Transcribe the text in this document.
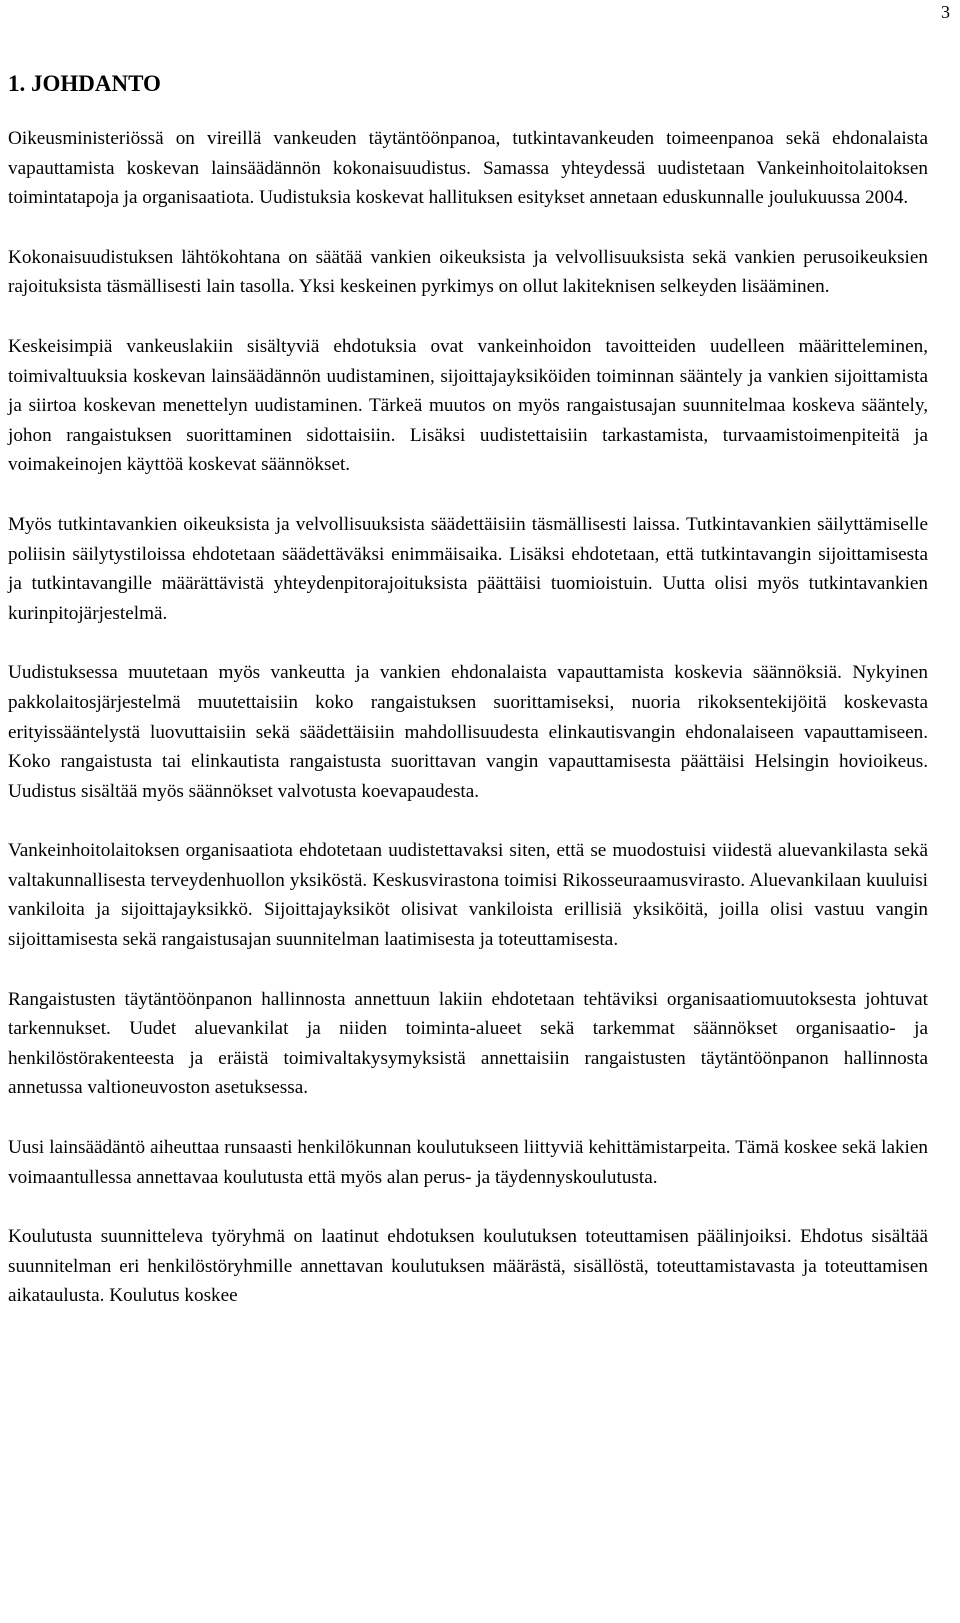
3
1. JOHDANTO

Oikeusministeriössä on vireillä vankeuden täytäntöönpanoa, tutkintavankeuden toimeenpanoa sekä ehdonalaista vapauttamista koskevan lainsäädännön kokonaisuudistus. Samassa yhteydessä uudistetaan Vankeinhoitolaitoksen toimintatapoja ja organisaatiota. Uudistuksia koskevat hallituksen esitykset annetaan eduskunnalle joulukuussa 2004.

Kokonaisuudistuksen lähtökohtana on säätää vankien oikeuksista ja velvollisuuksista sekä vankien perusoikeuksien rajoituksista täsmällisesti lain tasolla. Yksi keskeinen pyrkimys on ollut lakiteknisen selkeyden lisääminen.

Keskeisimpiä vankeuslakiin sisältyviä ehdotuksia ovat vankeinhoidon tavoitteiden uudelleen määritteleminen, toimivaltuuksia koskevan lainsäädännön uudistaminen, sijoittajayksiköiden toiminnan sääntely ja vankien sijoittamista ja siirtoa koskevan menettelyn uudistaminen. Tärkeä muutos on myös rangaistusajan suunnitelmaa koskeva sääntely, johon rangaistuksen suorittaminen sidottaisiin. Lisäksi uudistettaisiin tarkastamista, turvaamistoimenpiteitä ja voimakeinojen käyttöä koskevat säännökset.

Myös tutkintavankien oikeuksista ja velvollisuuksista säädettäisiin täsmällisesti laissa. Tutkintavankien säilyttämiselle poliisin säilytystiloissa ehdotetaan säädettäväksi enimmäisaika. Lisäksi ehdotetaan, että tutkintavangin sijoittamisesta ja tutkintavangille määrättävistä yhteydenpitorajoituksista päättäisi tuomioistuin. Uutta olisi myös tutkintavankien kurinpitojärjestelmä.

Uudistuksessa muutetaan myös vankeutta ja vankien ehdonalaista vapauttamista koskevia säännöksiä. Nykyinen pakkolaitosjärjestelmä muutettaisiin koko rangaistuksen suorittamiseksi, nuoria rikoksentekijöitä koskevasta erityissääntelystä luovuttaisiin sekä säädettäisiin mahdollisuudesta elinkautisvangin ehdonalaiseen vapauttamiseen. Koko rangaistusta tai elinkautista rangaistusta suorittavan vangin vapauttamisesta päättäisi Helsingin hovioikeus. Uudistus sisältää myös säännökset valvotusta koevapaudesta.

Vankeinhoitolaitoksen organisaatiota ehdotetaan uudistettavaksi siten, että se muodostuisi viidestä aluevankilasta sekä valtakunnallisesta terveydenhuollon yksiköstä. Keskusvirastona toimisi Rikosseuraamusvirasto. Aluevankilaan kuuluisi vankiloita ja sijoittajayksikkö. Sijoittajayksiköt olisivat vankiloista erillisiä yksiköitä, joilla olisi vastuu vangin sijoittamisesta sekä rangaistusajan suunnitelman laatimisesta ja toteuttamisesta.

Rangaistusten täytäntöönpanon hallinnosta annettuun lakiin ehdotetaan tehtäviksi organisaatiomuutoksesta johtuvat tarkennukset. Uudet aluevankilat ja niiden toiminta-alueet sekä tarkemmat säännökset organisaatio- ja henkilöstörakenteesta ja eräistä toimivaltakysymyksistä annettaisiin rangaistusten täytäntöönpanon hallinnosta annetussa valtioneuvoston asetuksessa.

Uusi lainsäädäntö aiheuttaa runsaasti henkilökunnan koulutukseen liittyviä kehittämistarpeita. Tämä koskee sekä lakien voimaantullessa annettavaa koulutusta että myös alan perus- ja täydennyskoulutusta.

Koulutusta suunnittelevа työryhmä on laatinut ehdotuksen koulutuksen toteuttamisen päälinjoiksi. Ehdotus sisältää suunnitelman eri henkilöstöryhmille annettavan koulutuksen määrästä, sisällöstä, toteuttamistavasta ja toteuttamisen aikataulusta. Koulutus koskee
